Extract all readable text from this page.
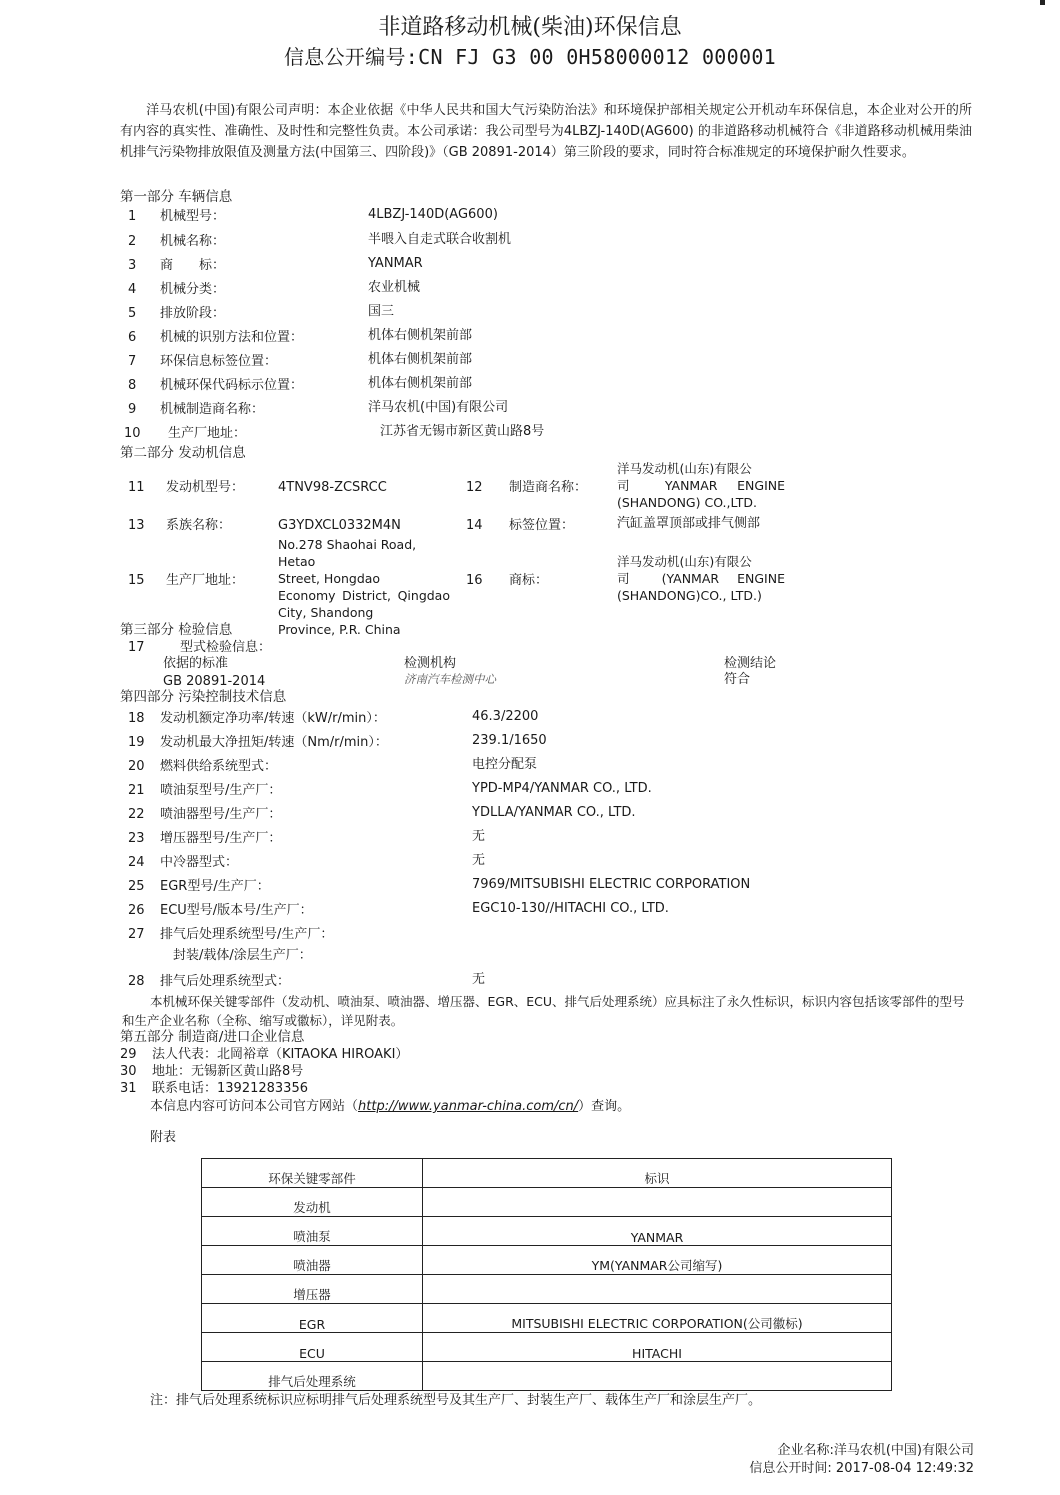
非道路移动机械(柴油)环保信息
信息公开编号:CN FJ G3 00 0H58000012 000001
洋马农机(中国)有限公司声明：本企业依据《中华人民共和国大气污染防治法》和环境保护部相关规定公开机动车环保信息，本企业对公开的所有内容的真实性、准确性、及时性和完整性负责。本公司承诺：我公司型号为4LBZJ-140D(AG600) 的非道路移动机械符合《非道路移动机械用柴油机排气污染物排放限值及测量方法(中国第三、四阶段)》（GB 20891-2014）第三阶段的要求，同时符合标准规定的环境保护耐久性要求。
第一部分 车辆信息
1 机械型号：	4LBZJ-140D(AG600)
2 机械名称：	半喂入自走式联合收割机
3 商　　标：	YANMAR
4 机械分类：	农业机械
5 排放阶段：	国三
6 机械的识别方法和位置：	机体右侧机架前部
7 环保信息标签位置：	机体右侧机架前部
8 机械环保代码标示位置：	机体右侧机架前部
9 机械制造商名称：	洋马农机(中国)有限公司
10 生产厂地址：	江苏省无锡市新区黄山路8号
第二部分 发动机信息
11 发动机型号：	4TNV98-ZCSRCC	12 制造商名称：
洋马发动机(山东)有限公
司 YANMAR ENGINE
(SHANDONG) CO.,LTD.
13 系族名称：	G3YDXCL0332M4N	14 标签位置：	汽缸盖罩顶部或排气侧部
15 生产厂地址：
No.278 Shaohai Road, Hetao
Street, Hongdao
Economy District, Qingdao
City, Shandong
Province, P.R. China
16 商标：
洋马发动机(山东)有限公
司 (YANMAR ENGINE
(SHANDONG)CO., LTD.)
第三部分 检验信息
17	型式检验信息：
依据的标准	检测机构	检测结论
GB 20891-2014	济南汽车检测中心	符合
第四部分 污染控制技术信息
18 发动机额定净功率/转速（kW/r/min）：	46.3/2200
19 发动机最大净扭矩/转速（Nm/r/min）：	239.1/1650
20 燃料供给系统型式：	电控分配泵
21 喷油泵型号/生产厂：	YPD-MP4/YANMAR CO., LTD.
22 喷油器型号/生产厂：	YDLLA/YANMAR CO., LTD.
23 增压器型号/生产厂：	无
24 中冷器型式：	无
25 EGR型号/生产厂：	7969/MITSUBISHI ELECTRIC CORPORATION
26 ECU型号/版本号/生产厂：	EGC10-130//HITACHI CO., LTD.
27 排气后处理系统型号/生产厂：
封装/载体/涂层生产厂：
28 排气后处理系统型式：	无
本机械环保关键零部件（发动机、喷油泵、喷油器、增压器、EGR、ECU、排气后处理系统）应具标注了永久性标识，标识内容包括该零部件的型号和生产企业名称（全称、缩写或徽标），详见附表。
第五部分 制造商/进口企业信息
29 法人代表：北岡裕章（KITAOKA HIROAKI）
30 地址：无锡新区黄山路8号
31 联系电话：13921283356
本信息内容可访问本公司官方网站（http://www.yanmar-china.com/cn/）查询。
附表
环保关键零部件	标识
发动机	
喷油泵	YANMAR
喷油器	YM(YANMAR公司缩写)
增压器	
EGR	MITSUBISHI ELECTRIC CORPORATION(公司徽标)
ECU	HITACHI
排气后处理系统	
注：排气后处理系统标识应标明排气后处理系统型号及其生产厂、封装生产厂、载体生产厂和涂层生产厂。
企业名称:洋马农机(中国)有限公司
信息公开时间: 2017-08-04 12:49:32
